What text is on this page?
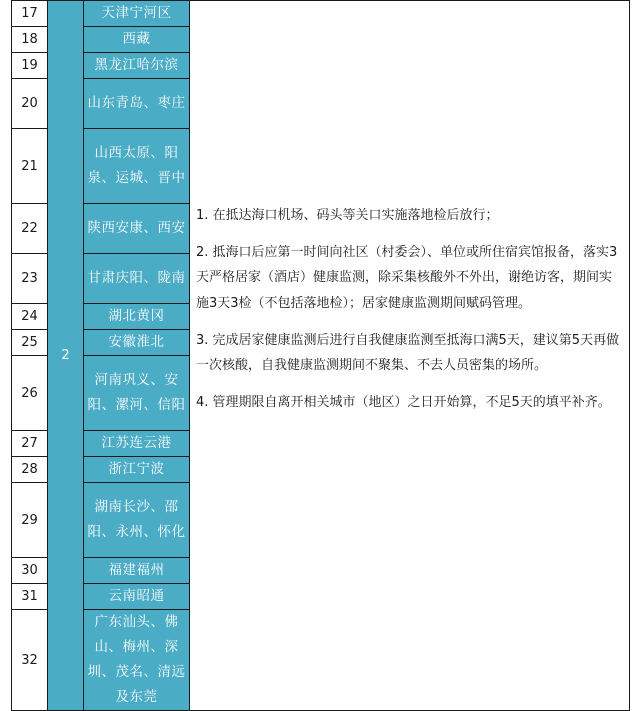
17	2	天津宁河区	1. 在抵达海口机场、码头等关口实施落地检后放行；

2. 抵海口后应第一时间向社区（村委会）、单位或所住宿宾馆报备，落实3天严格居家（酒店）健康监测，除采集核酸外不外出，谢绝访客，期间实施3天3检（不包括落地检）；居家健康监测期间赋码管理。

3. 完成居家健康监测后进行自我健康监测至抵海口满5天，建议第5天再做一次核酸，自我健康监测期间不聚集、不去人员密集的场所。

4. 管理期限自离开相关城市（地区）之日开始算，不足5天的填平补齐。

18		西藏	
19		黑龙江哈尔滨	
20		山东青岛、枣庄	
21		山西太原、阳泉、运城、晋中	
22		陕西安康、西安	
23		甘肃庆阳、陇南	
24		湖北黄冈	
25		安徽淮北	
26		河南巩义、安阳、漯河、信阳	
27		江苏连云港	
28		浙江宁波	
29		湖南长沙、邵阳、永州、怀化	
30		福建福州	
31		云南昭通	
32		广东汕头、佛山、梅州、深圳、茂名、清远及东莞	
